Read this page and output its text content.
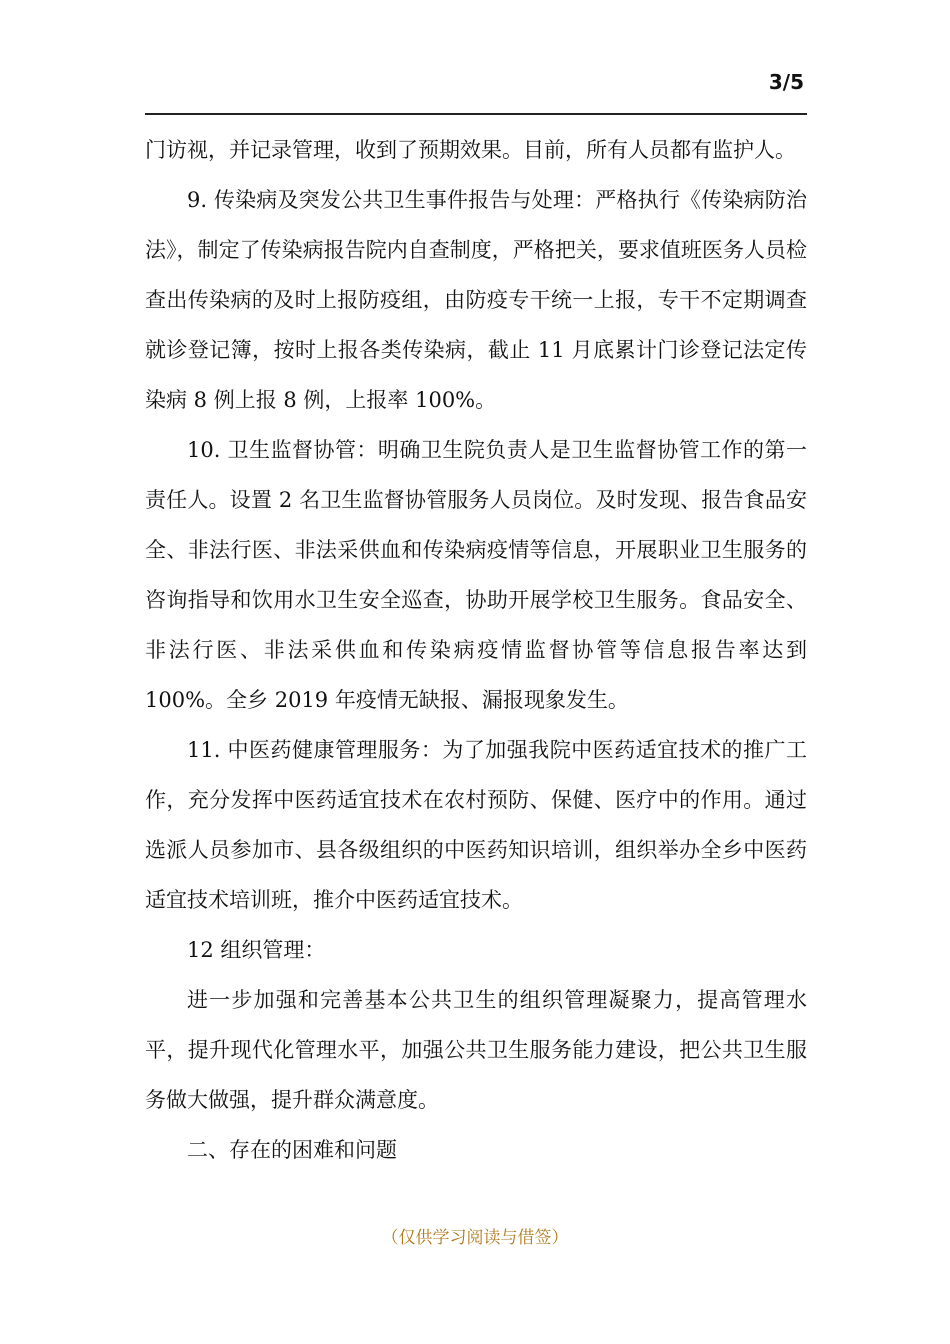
3/5

门访视，并记录管理，收到了预期效果。目前，所有人员都有监护人。

9. 传染病及突发公共卫生事件报告与处理：严格执行《传染病防治法》，制定了传染病报告院内自查制度，严格把关，要求值班医务人员检查出传染病的及时上报防疫组，由防疫专干统一上报，专干不定期调查就诊登记簿，按时上报各类传染病，截止 11 月底累计门诊登记法定传染病 8 例上报 8 例，上报率 100%。

10. 卫生监督协管：明确卫生院负责人是卫生监督协管工作的第一责任人。设置 2 名卫生监督协管服务人员岗位。及时发现、报告食品安全、非法行医、非法采供血和传染病疫情等信息，开展职业卫生服务的咨询指导和饮用水卫生安全巡查，协助开展学校卫生服务。食品安全、非法行医、非法采供血和传染病疫情监督协管等信息报告率达到 100%。全乡 2019 年疫情无缺报、漏报现象发生。

11. 中医药健康管理服务：为了加强我院中医药适宜技术的推广工作，充分发挥中医药适宜技术在农村预防、保健、医疗中的作用。通过选派人员参加市、县各级组织的中医药知识培训，组织举办全乡中医药适宜技术培训班，推介中医药适宜技术。

12 组织管理：

进一步加强和完善基本公共卫生的组织管理凝聚力，提高管理水平，提升现代化管理水平，加强公共卫生服务能力建设，把公共卫生服务做大做强，提升群众满意度。

二、存在的困难和问题

（仅供学习阅读与借签）
